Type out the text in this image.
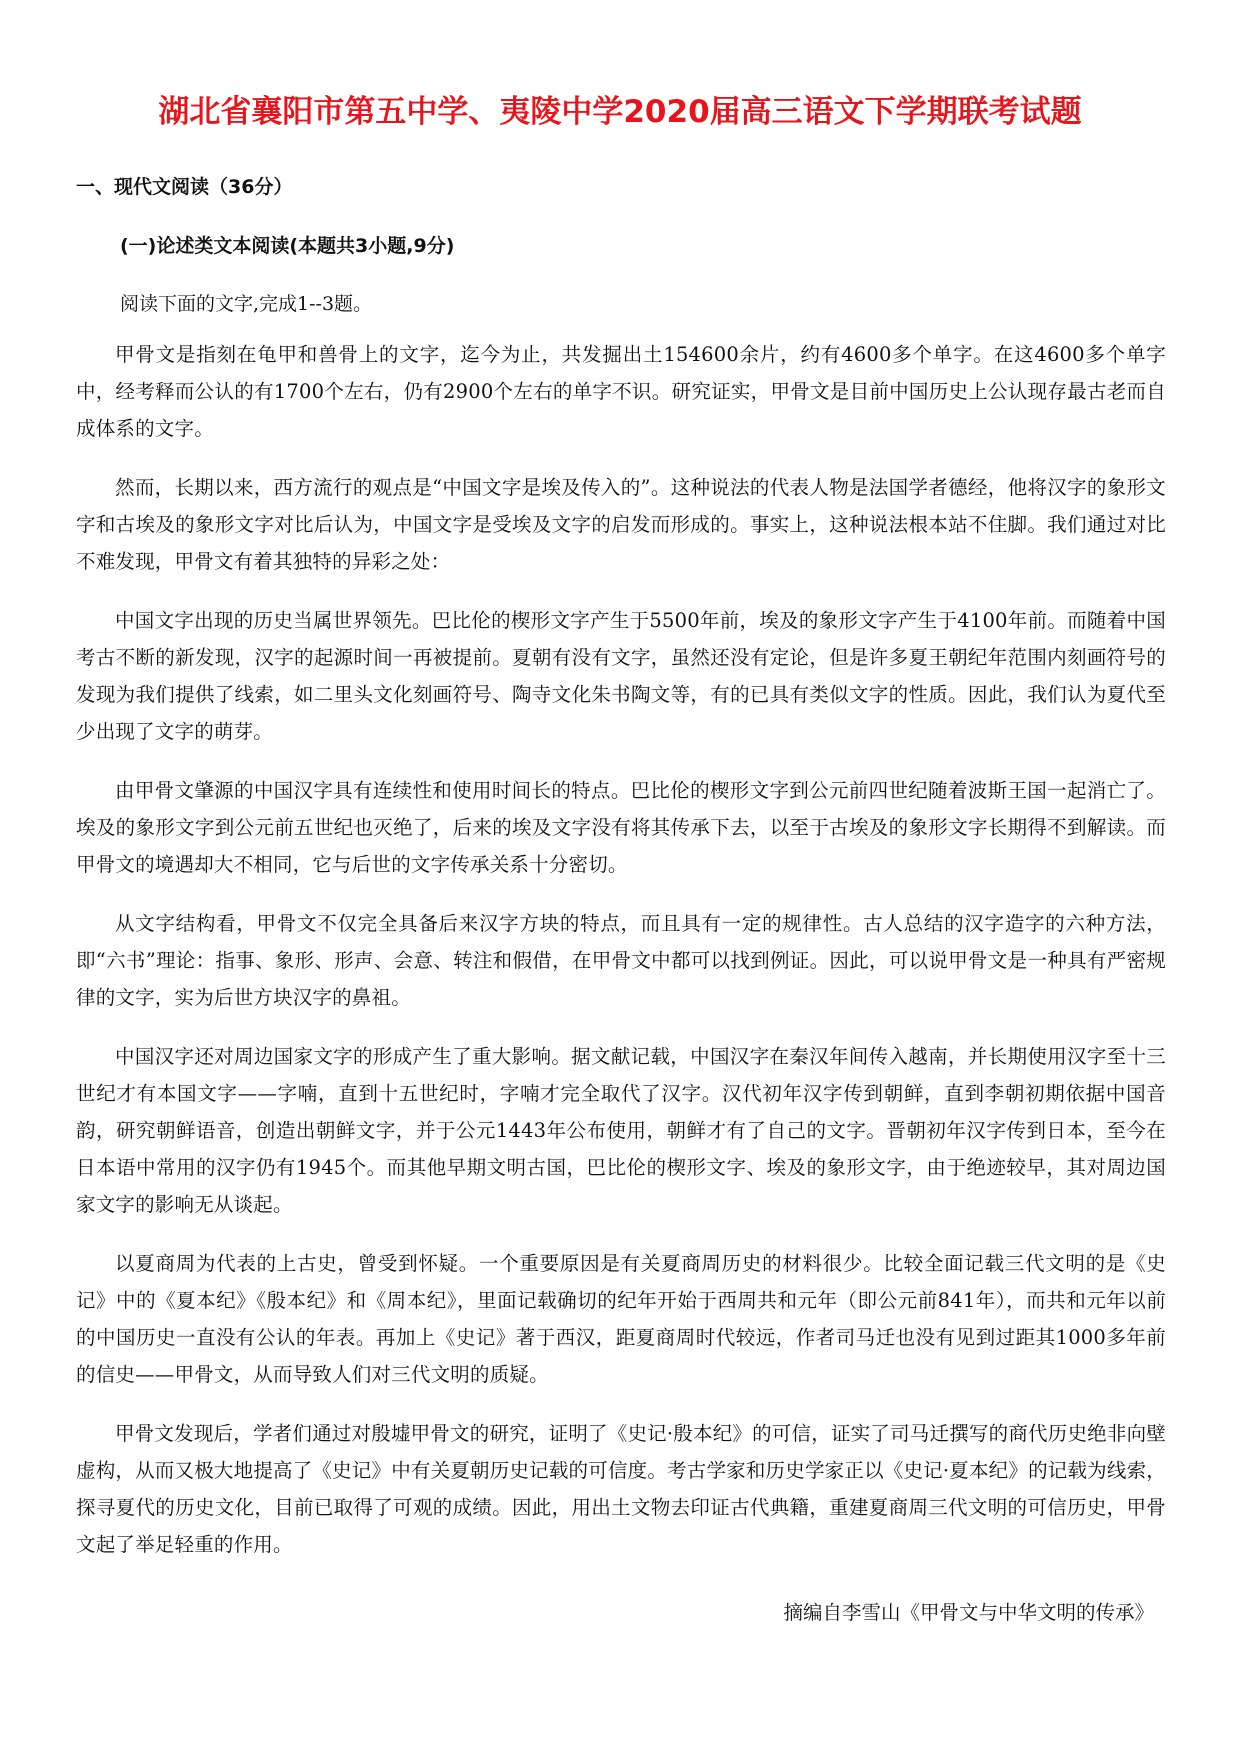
湖北省襄阳市第五中学、夷陵中学2020届高三语文下学期联考试题
一、现代文阅读（36分）
(一)论述类文本阅读(本题共3小题,9分)
阅读下面的文字,完成1--3题。

甲骨文是指刻在龟甲和兽骨上的文字，迄今为止，共发掘出土154600余片，约有4600多个单字。在这4600多个单字中，经考释而公认的有1700个左右，仍有2900个左右的单字不识。研究证实，甲骨文是目前中国历史上公认现存最古老而自成体系的文字。

然而，长期以来，西方流行的观点是“中国文字是埃及传入的”。这种说法的代表人物是法国学者德经，他将汉字的象形文字和古埃及的象形文字对比后认为，中国文字是受埃及文字的启发而形成的。事实上，这种说法根本站不住脚。我们通过对比不难发现，甲骨文有着其独特的异彩之处：

中国文字出现的历史当属世界领先。巴比伦的楔形文字产生于5500年前，埃及的象形文字产生于4100年前。而随着中国考古不断的新发现，汉字的起源时间一再被提前。夏朝有没有文字，虽然还没有定论，但是许多夏王朝纪年范围内刻画符号的发现为我们提供了线索，如二里头文化刻画符号、陶寺文化朱书陶文等，有的已具有类似文字的性质。因此，我们认为夏代至少出现了文字的萌芽。

由甲骨文肇源的中国汉字具有连续性和使用时间长的特点。巴比伦的楔形文字到公元前四世纪随着波斯王国一起消亡了。埃及的象形文字到公元前五世纪也灭绝了，后来的埃及文字没有将其传承下去，以至于古埃及的象形文字长期得不到解读。而甲骨文的境遇却大不相同，它与后世的文字传承关系十分密切。

从文字结构看，甲骨文不仅完全具备后来汉字方块的特点，而且具有一定的规律性。古人总结的汉字造字的六种方法，即“六书”理论：指事、象形、形声、会意、转注和假借，在甲骨文中都可以找到例证。因此，可以说甲骨文是一种具有严密规律的文字，实为后世方块汉字的鼻祖。

中国汉字还对周边国家文字的形成产生了重大影响。据文献记载，中国汉字在秦汉年间传入越南，并长期使用汉字至十三世纪才有本国文字——字喃，直到十五世纪时，字喃才完全取代了汉字。汉代初年汉字传到朝鲜，直到李朝初期依据中国音韵，研究朝鲜语音，创造出朝鲜文字，并于公元1443年公布使用，朝鲜才有了自己的文字。晋朝初年汉字传到日本，至今在日本语中常用的汉字仍有1945个。而其他早期文明古国，巴比伦的楔形文字、埃及的象形文字，由于绝迹较早，其对周边国家文字的影响无从谈起。

以夏商周为代表的上古史，曾受到怀疑。一个重要原因是有关夏商周历史的材料很少。比较全面记载三代文明的是《史记》中的《夏本纪》《殷本纪》和《周本纪》，里面记载确切的纪年开始于西周共和元年（即公元前841年），而共和元年以前的中国历史一直没有公认的年表。再加上《史记》著于西汉，距夏商周时代较远，作者司马迁也没有见到过距其1000多年前的信史——甲骨文，从而导致人们对三代文明的质疑。

甲骨文发现后，学者们通过对殷墟甲骨文的研究，证明了《史记·殷本纪》的可信，证实了司马迁撰写的商代历史绝非向壁虚构，从而又极大地提高了《史记》中有关夏朝历史记载的可信度。考古学家和历史学家正以《史记·夏本纪》的记载为线索，探寻夏代的历史文化，目前已取得了可观的成绩。因此，用出土文物去印证古代典籍，重建夏商周三代文明的可信历史，甲骨文起了举足轻重的作用。

摘编自李雪山《甲骨文与中华文明的传承》
